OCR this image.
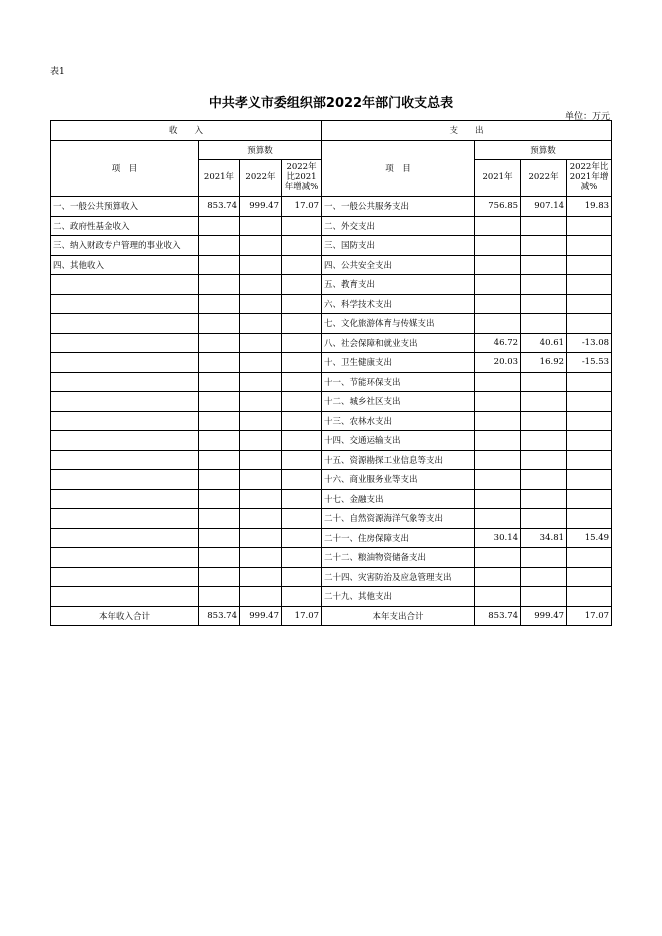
表1
中共孝义市委组织部2022年部门收支总表
单位：万元
收　　入				支　　出			
项　目	预算数			项　目	预算数		
	2021年	2022年	2022年比2021年增减%		2021年	2022年	2022年比2021年增减%
一、一般公共预算收入	853.74	999.47	17.07	一、一般公共服务支出	756.85	907.14	19.83
二、政府性基金收入				二、外交支出			
三、纳入财政专户管理的事业收入				三、国防支出			
四、其他收入				四、公共安全支出			
				五、教育支出			
				六、科学技术支出			
				七、文化旅游体育与传媒支出			
				八、社会保障和就业支出	46.72	40.61	-13.08
				十、卫生健康支出	20.03	16.92	-15.53
				十一、节能环保支出			
				十二、城乡社区支出			
				十三、农林水支出			
				十四、交通运输支出			
				十五、资源勘探工业信息等支出			
				十六、商业服务业等支出			
				十七、金融支出			
				二十、自然资源海洋气象等支出			
				二十一、住房保障支出	30.14	34.81	15.49
				二十二、粮油物资储备支出			
				二十四、灾害防治及应急管理支出			
				二十九、其他支出			
本年收入合计	853.74	999.47	17.07	本年支出合计	853.74	999.47	17.07
